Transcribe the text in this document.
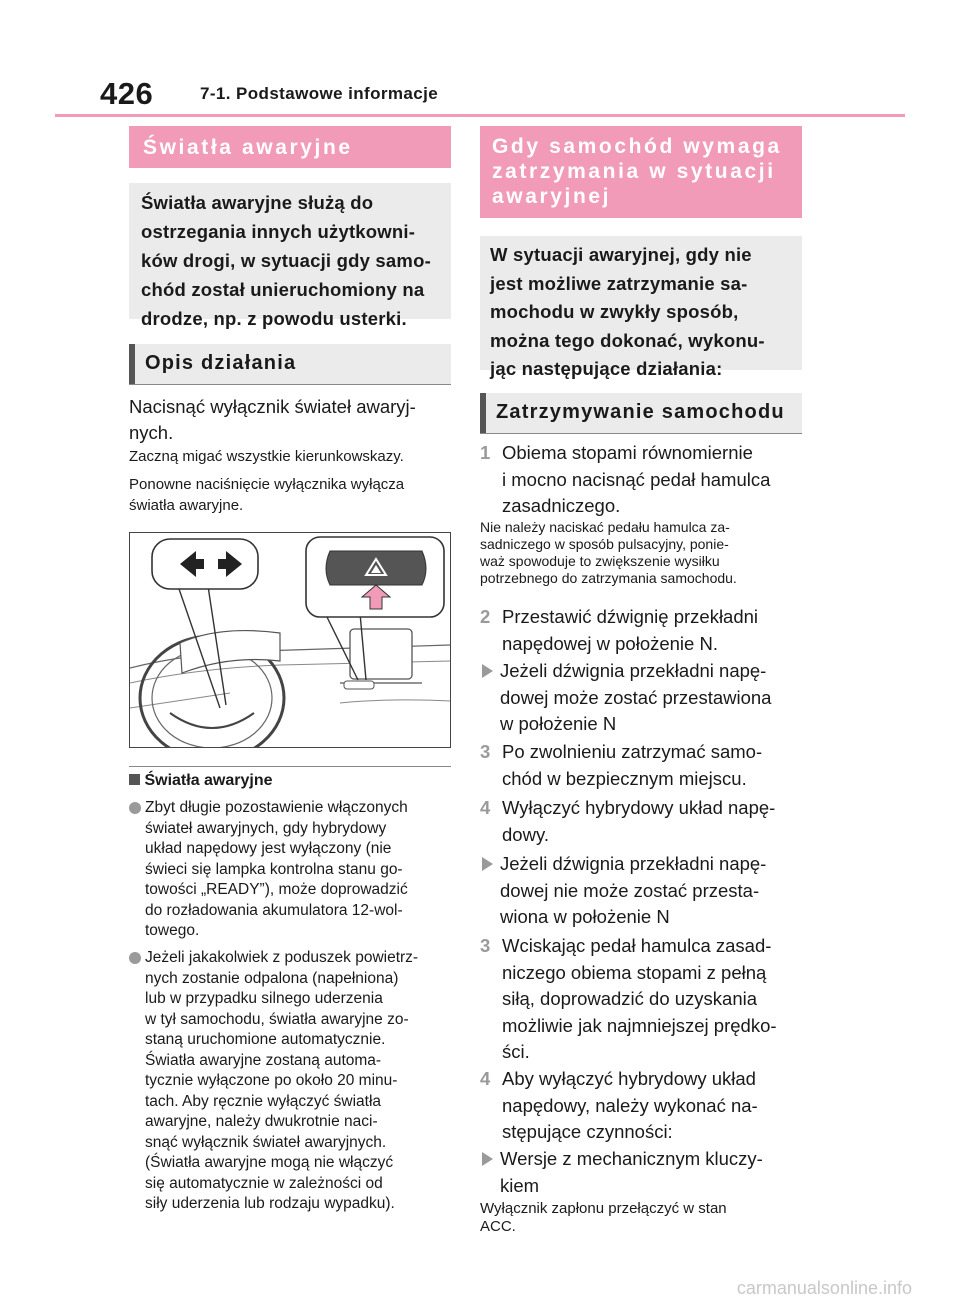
426	7-1. Podstawowe informacje
Światła awaryjne
Światła awaryjne służą do
ostrzegania innych użytkowni-
ków drogi, w sytuacji gdy samo-
chód został unieruchomiony na
drodze, np. z powodu usterki.
Opis działania
Nacisnąć wyłącznik świateł awaryj-
nych.
Zaczną migać wszystkie kierunkowskazy.
Ponowne naciśnięcie wyłącznika wyłącza
światła awaryjne.
Światła awaryjne
Zbyt długie pozostawienie włączonych
świateł awaryjnych, gdy hybrydowy
układ napędowy jest wyłączony (nie
świeci się lampka kontrolna stanu go-
towości „READY”), może doprowadzić
do rozładowania akumulatora 12-wol-
towego.
Jeżeli jakakolwiek z poduszek powietrz-
nych zostanie odpalona (napełniona)
lub w przypadku silnego uderzenia
w tył samochodu, światła awaryjne zo-
staną uruchomione automatycznie.
Światła awaryjne zostaną automa-
tycznie wyłączone po około 20 minu-
tach. Aby ręcznie wyłączyć światła
awaryjne, należy dwukrotnie naci-
snąć wyłącznik świateł awaryjnych.
(Światła awaryjne mogą nie włączyć
się automatycznie w zależności od
siły uderzenia lub rodzaju wypadku).
Gdy samochód wymaga
zatrzymania w sytuacji
awaryjnej
W sytuacji awaryjnej, gdy nie
jest możliwe zatrzymanie sa-
mochodu w zwykły sposób,
można tego dokonać, wykonu-
jąc następujące działania:
Zatrzymywanie samochodu
1 Obiema stopami równomiernie
i mocno nacisnąć pedał hamulca
zasadniczego.
Nie należy naciskać pedału hamulca za-
sadniczego w sposób pulsacyjny, ponie-
waż spowoduje to zwiększenie wysiłku
potrzebnego do zatrzymania samochodu.
2 Przestawić dźwignię przekładni
napędowej w położenie N.
Jeżeli dźwignia przekładni napę-
dowej może zostać przestawiona
w położenie N
3 Po zwolnieniu zatrzymać samo-
chód w bezpiecznym miejscu.
4 Wyłączyć hybrydowy układ napę-
dowy.
Jeżeli dźwignia przekładni napę-
dowej nie może zostać przesta-
wiona w położenie N
3 Wciskając pedał hamulca zasad-
niczego obiema stopami z pełną
siłą, doprowadzić do uzyskania
możliwie jak najmniejszej prędko-
ści.
4 Aby wyłączyć hybrydowy układ
napędowy, należy wykonać na-
stępujące czynności:
Wersje z mechanicznym kluczy-
kiem
Wyłącznik zapłonu przełączyć w stan
ACC.
carmanualsonline.info
